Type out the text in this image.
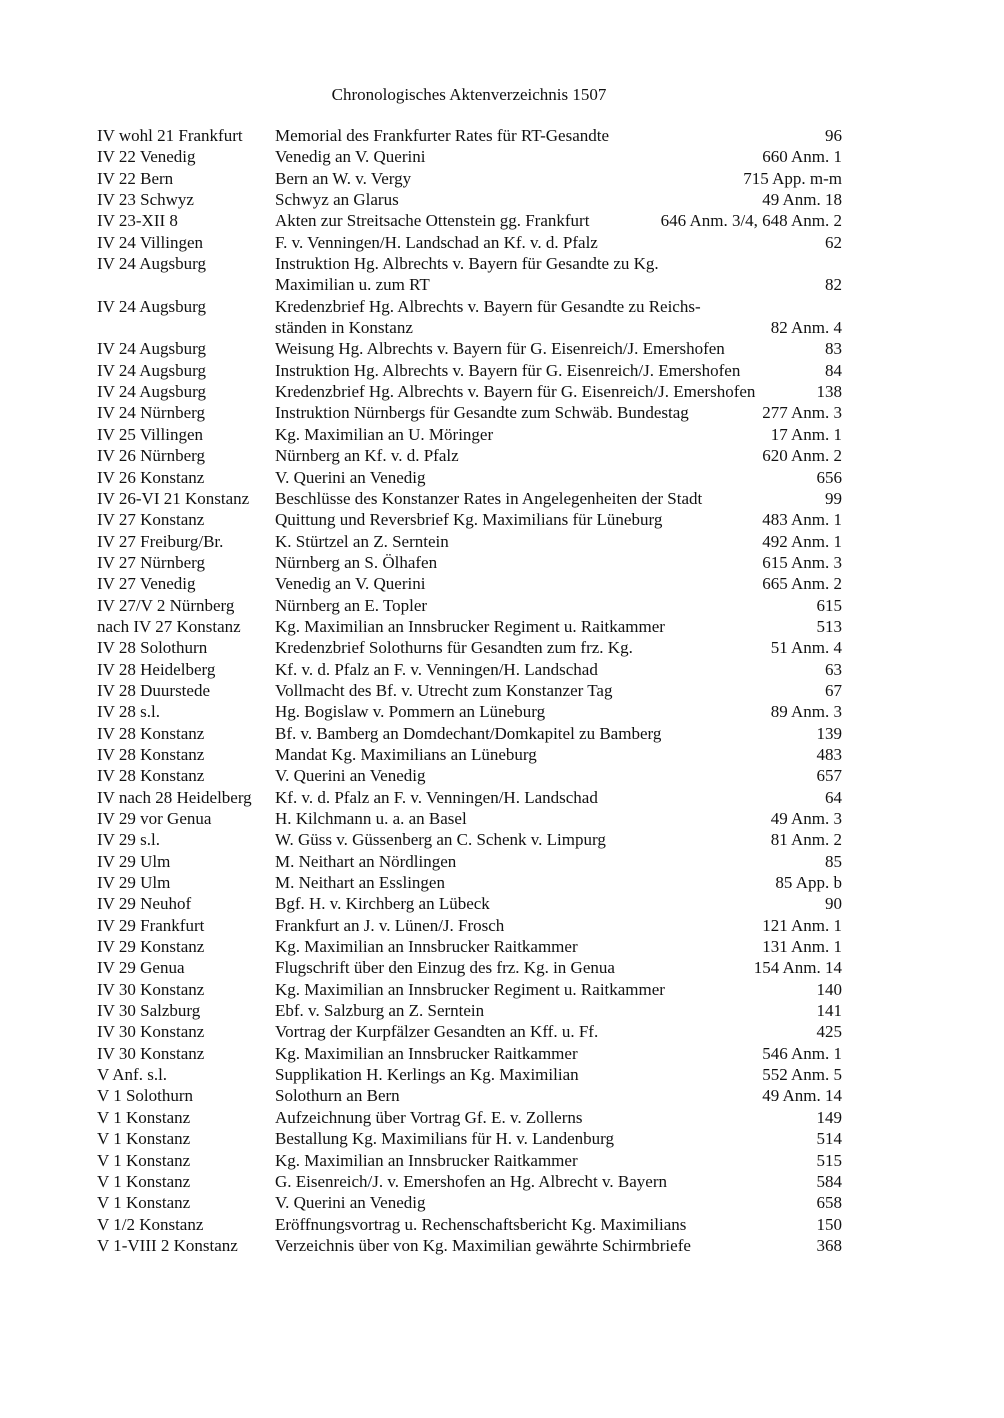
Chronologisches Aktenverzeichnis 1507
IV wohl 21 Frankfurt	Memorial des Frankfurter Rates für RT-Gesandte	96
IV 22 Venedig	Venedig an V. Querini	660 Anm. 1
IV 22 Bern	Bern an W. v. Vergy	715 App. m-m
IV 23 Schwyz	Schwyz an Glarus	49 Anm. 18
IV 23-XII 8	Akten zur Streitsache Ottenstein gg. Frankfurt	646 Anm. 3/4, 648 Anm. 2
IV 24 Villingen	F. v. Venningen/H. Landschad an Kf. v. d. Pfalz	62
IV 24 Augsburg	Instruktion Hg. Albrechts v. Bayern für Gesandte zu Kg.
Maximilian u. zum RT	82
IV 24 Augsburg	Kredenzbrief Hg. Albrechts v. Bayern für Gesandte zu Reichs-
ständen in Konstanz	82 Anm. 4
IV 24 Augsburg	Weisung Hg. Albrechts v. Bayern für G. Eisenreich/J. Emershofen	83
IV 24 Augsburg	Instruktion Hg. Albrechts v. Bayern für G. Eisenreich/J. Emershofen	84
IV 24 Augsburg	Kredenzbrief Hg. Albrechts v. Bayern für G. Eisenreich/J. Emershofen	138
IV 24 Nürnberg	Instruktion Nürnbergs für Gesandte zum Schwäb. Bundestag	277 Anm. 3
IV 25 Villingen	Kg. Maximilian an U. Möringer	17 Anm. 1
IV 26 Nürnberg	Nürnberg an Kf. v. d. Pfalz	620 Anm. 2
IV 26 Konstanz	V. Querini an Venedig	656
IV 26-VI 21 Konstanz	Beschlüsse des Konstanzer Rates in Angelegenheiten der Stadt	99
IV 27 Konstanz	Quittung und Reversbrief Kg. Maximilians für Lüneburg	483 Anm. 1
IV 27 Freiburg/Br.	K. Stürtzel an Z. Serntein	492 Anm. 1
IV 27 Nürnberg	Nürnberg an S. Ölhafen	615 Anm. 3
IV 27 Venedig	Venedig an V. Querini	665 Anm. 2
IV 27/V 2 Nürnberg	Nürnberg an E. Topler	615
nach IV 27 Konstanz	Kg. Maximilian an Innsbrucker Regiment u. Raitkammer	513
IV 28 Solothurn	Kredenzbrief Solothurns für Gesandten zum frz. Kg.	51 Anm. 4
IV 28 Heidelberg	Kf. v. d. Pfalz an F. v. Venningen/H. Landschad	63
IV 28 Duurstede	Vollmacht des Bf. v. Utrecht zum Konstanzer Tag	67
IV 28 s.l.	Hg. Bogislaw v. Pommern an Lüneburg	89 Anm. 3
IV 28 Konstanz	Bf. v. Bamberg an Domdechant/Domkapitel zu Bamberg	139
IV 28 Konstanz	Mandat Kg. Maximilians an Lüneburg	483
IV 28 Konstanz	V. Querini an Venedig	657
IV nach 28 Heidelberg	Kf. v. d. Pfalz an F. v. Venningen/H. Landschad	64
IV 29 vor Genua	H. Kilchmann u. a. an Basel	49 Anm. 3
IV 29 s.l.	W. Güss v. Güssenberg an C. Schenk v. Limpurg	81 Anm. 2
IV 29 Ulm	M. Neithart an Nördlingen	85
IV 29 Ulm	M. Neithart an Esslingen	85 App. b
IV 29 Neuhof	Bgf. H. v. Kirchberg an Lübeck	90
IV 29 Frankfurt	Frankfurt an J. v. Lünen/J. Frosch	121 Anm. 1
IV 29 Konstanz	Kg. Maximilian an Innsbrucker Raitkammer	131 Anm. 1
IV 29 Genua	Flugschrift über den Einzug des frz. Kg. in Genua	154 Anm. 14
IV 30 Konstanz	Kg. Maximilian an Innsbrucker Regiment u. Raitkammer	140
IV 30 Salzburg	Ebf. v. Salzburg an Z. Serntein	141
IV 30 Konstanz	Vortrag der Kurpfälzer Gesandten an Kff. u. Ff.	425
IV 30 Konstanz	Kg. Maximilian an Innsbrucker Raitkammer	546 Anm. 1
V Anf. s.l.	Supplikation H. Kerlings an Kg. Maximilian	552 Anm. 5
V 1 Solothurn	Solothurn an Bern	49 Anm. 14
V 1 Konstanz	Aufzeichnung über Vortrag Gf. E. v. Zollerns	149
V 1 Konstanz	Bestallung Kg. Maximilians für H. v. Landenburg	514
V 1 Konstanz	Kg. Maximilian an Innsbrucker Raitkammer	515
V 1 Konstanz	G. Eisenreich/J. v. Emershofen an Hg. Albrecht v. Bayern	584
V 1 Konstanz	V. Querini an Venedig	658
V 1/2 Konstanz	Eröffnungsvortrag u. Rechenschaftsbericht Kg. Maximilians	150
V 1-VIII 2 Konstanz	Verzeichnis über von Kg. Maximilian gewährte Schirmbriefe	368
